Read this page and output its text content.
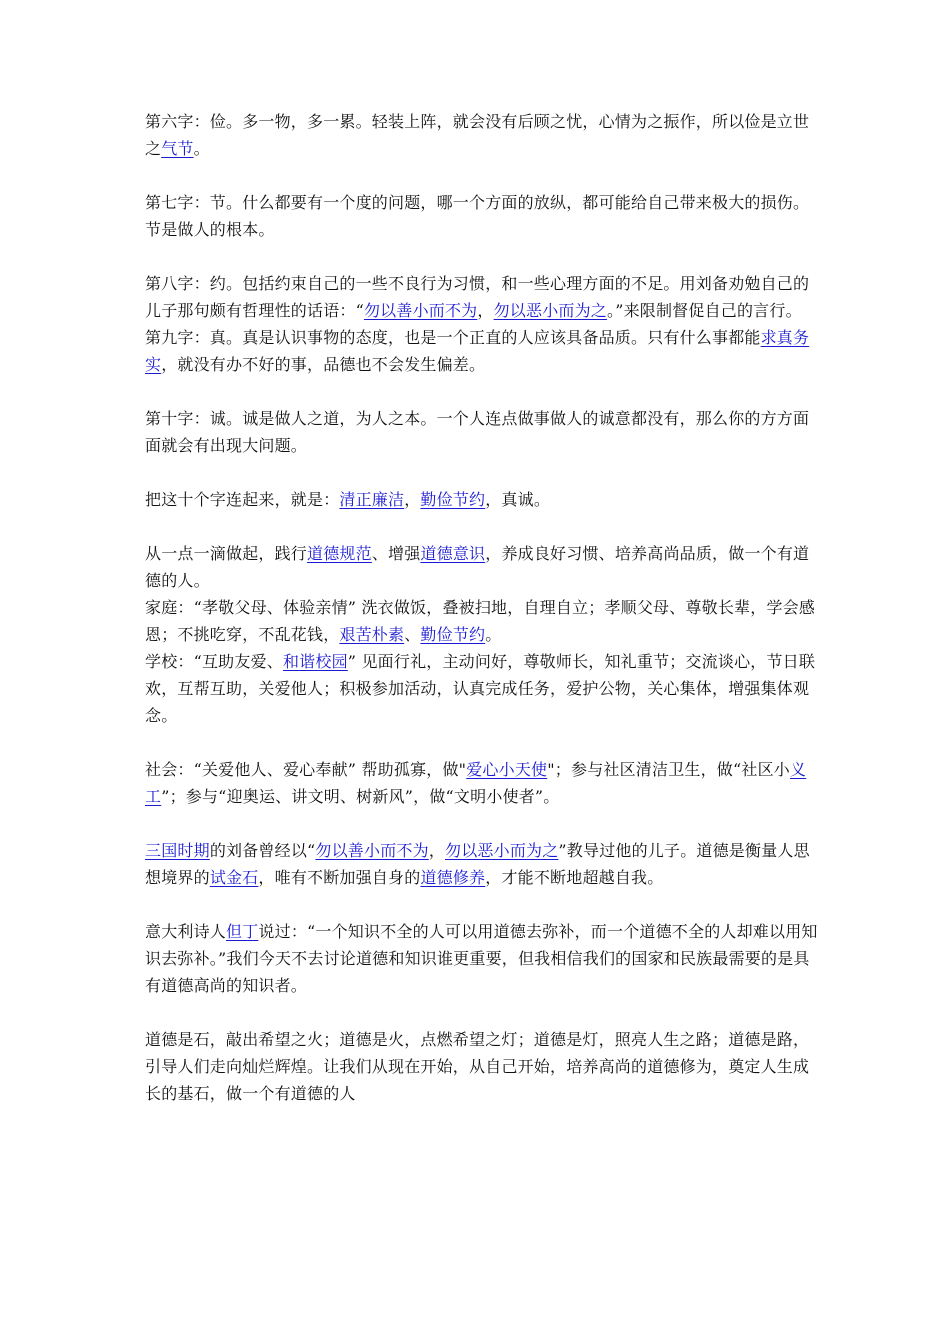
第六字：俭。多一物，多一累。轻装上阵，就会没有后顾之忧，心情为之振作，所以俭是立世之气节。

第七字：节。什么都要有一个度的问题，哪一个方面的放纵，都可能给自己带来极大的损伤。节是做人的根本。

第八字：约。包括约束自己的一些不良行为习惯，和一些心理方面的不足。用刘备劝勉自己的儿子那句颇有哲理性的话语：“勿以善小而不为，勿以恶小而为之。”来限制督促自己的言行。

第九字：真。真是认识事物的态度，也是一个正直的人应该具备品质。只有什么事都能求真务实，就没有办不好的事，品德也不会发生偏差。

第十字：诚。诚是做人之道，为人之本。一个人连点做事做人的诚意都没有，那么你的方方面面就会有出现大问题。

把这十个字连起来，就是：清正廉洁，勤俭节约，真诚。

从一点一滴做起，践行道德规范、增强道德意识，养成良好习惯、培养高尚品质，做一个有道德的人。

家庭：“孝敬父母、体验亲情” 洗衣做饭，叠被扫地，自理自立；孝顺父母、尊敬长辈，学会感恩；不挑吃穿，不乱花钱，艰苦朴素、勤俭节约。

学校：“互助友爱、和谐校园” 见面行礼，主动问好，尊敬师长，知礼重节；交流谈心，节日联欢，互帮互助，关爱他人；积极参加活动，认真完成任务，爱护公物，关心集体，增强集体观念。

社会：“关爱他人、爱心奉献” 帮助孤寡，做"爱心小天使"；参与社区清洁卫生，做“社区小义工”；参与“迎奥运、讲文明、树新风”，做“文明小使者”。

三国时期的刘备曾经以“勿以善小而不为，勿以恶小而为之”教导过他的儿子。道德是衡量人思想境界的试金石，唯有不断加强自身的道德修养，才能不断地超越自我。

意大利诗人但丁说过：“一个知识不全的人可以用道德去弥补，而一个道德不全的人却难以用知识去弥补。”我们今天不去讨论道德和知识谁更重要，但我相信我们的国家和民族最需要的是具有道德高尚的知识者。

道德是石，敲出希望之火；道德是火，点燃希望之灯；道德是灯，照亮人生之路；道德是路，引导人们走向灿烂辉煌。让我们从现在开始，从自己开始，培养高尚的道德修为，奠定人生成长的基石，做一个有道德的人
